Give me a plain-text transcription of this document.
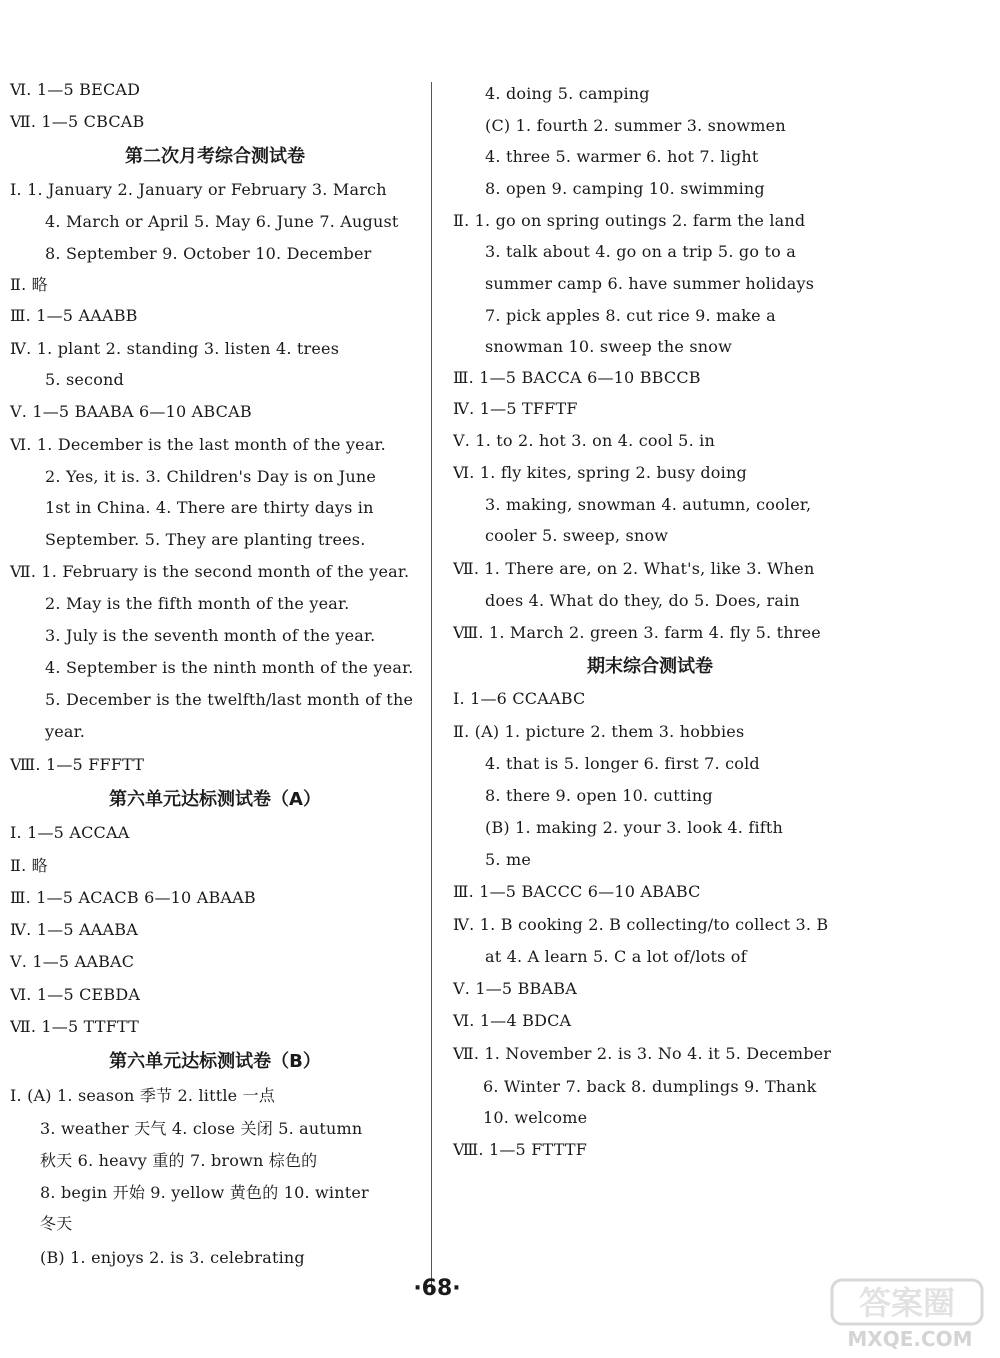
Ⅵ. 1—5 BECAD
Ⅶ. 1—5 CBCAB
第二次月考综合测试卷
Ⅰ. 1. January 2. January or February 3. March
4. March or April 5. May 6. June 7. August
8. September 9. October 10. December
Ⅱ. 略
Ⅲ. 1—5 AAABB
Ⅳ. 1. plant 2. standing 3. listen 4. trees
5. second
Ⅴ. 1—5 BAABA 6—10 ABCAB
Ⅵ. 1. December is the last month of the year.
2. Yes, it is. 3. Children's Day is on June
1st in China. 4. There are thirty days in
September. 5. They are planting trees.
Ⅶ. 1. February is the second month of the year.
2. May is the fifth month of the year.
3. July is the seventh month of the year.
4. September is the ninth month of the year.
5. December is the twelfth/last month of the
year.
Ⅷ. 1—5 FFFTT
第六单元达标测试卷（A）
Ⅰ. 1—5 ACCAA
Ⅱ. 略
Ⅲ. 1—5 ACACB 6—10 ABAAB
Ⅳ. 1—5 AAABA
Ⅴ. 1—5 AABAC
Ⅵ. 1—5 CEBDA
Ⅶ. 1—5 TTFTT
第六单元达标测试卷（B）
Ⅰ. (A) 1. season 季节 2. little 一点
3. weather 天气 4. close 关闭 5. autumn
秋天 6. heavy 重的 7. brown 棕色的
8. begin 开始 9. yellow 黄色的 10. winter
冬天
(B) 1. enjoys 2. is 3. celebrating
4. doing 5. camping
(C) 1. fourth 2. summer 3. snowmen
4. three 5. warmer 6. hot 7. light
8. open 9. camping 10. swimming
Ⅱ. 1. go on spring outings 2. farm the land
3. talk about 4. go on a trip 5. go to a
summer camp 6. have summer holidays
7. pick apples 8. cut rice 9. make a
snowman 10. sweep the snow
Ⅲ. 1—5 BACCA 6—10 BBCCB
Ⅳ. 1—5 TFFTF
Ⅴ. 1. to 2. hot 3. on 4. cool 5. in
Ⅵ. 1. fly kites, spring 2. busy doing
3. making, snowman 4. autumn, cooler,
cooler 5. sweep, snow
Ⅶ. 1. There are, on 2. What's, like 3. When
does 4. What do they, do 5. Does, rain
Ⅷ. 1. March 2. green 3. farm 4. fly 5. three
期末综合测试卷
Ⅰ. 1—6 CCAABC
Ⅱ. (A) 1. picture 2. them 3. hobbies
4. that is 5. longer 6. first 7. cold
8. there 9. open 10. cutting
(B) 1. making 2. your 3. look 4. fifth
5. me
Ⅲ. 1—5 BACCC 6—10 ABABC
Ⅳ. 1. B cooking 2. B collecting/to collect 3. B
at 4. A learn 5. C a lot of/lots of
Ⅴ. 1—5 BBABA
Ⅵ. 1—4 BDCA
Ⅶ. 1. November 2. is 3. No 4. it 5. December
6. Winter 7. back 8. dumplings 9. Thank
10. welcome
Ⅷ. 1—5 FTTTF
·68·	答案圈
MXQE.COM
